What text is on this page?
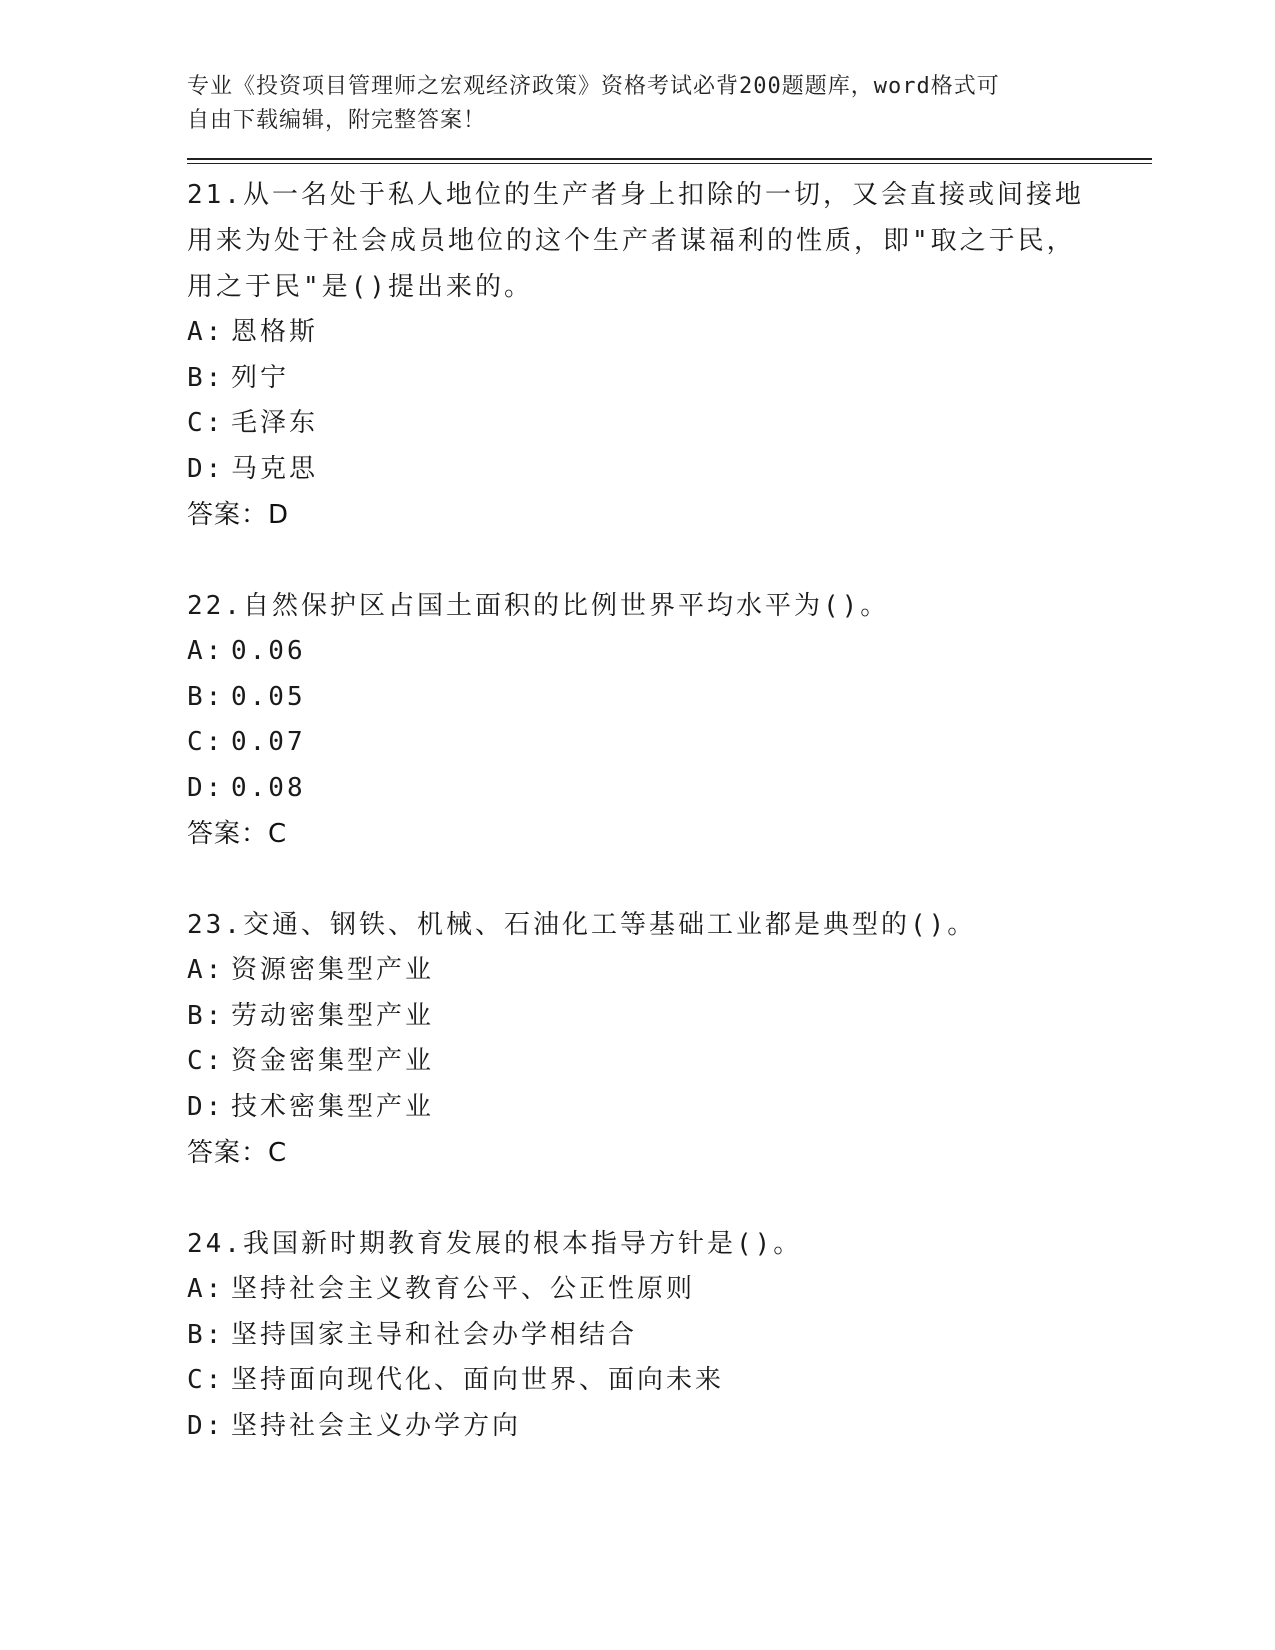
专业《投资项目管理师之宏观经济政策》资格考试必背200题题库，word格式可
自由下载编辑，附完整答案！
21.从一名处于私人地位的生产者身上扣除的一切，又会直接或间接地用来为处于社会成员地位的这个生产者谋福利的性质，即"取之于民，用之于民"是()提出来的。
A: 恩格斯
B: 列宁
C: 毛泽东
D: 马克思
答案：D
22.自然保护区占国土面积的比例世界平均水平为()。
A: 0.06
B: 0.05
C: 0.07
D: 0.08
答案：C
23.交通、钢铁、机械、石油化工等基础工业都是典型的()。
A: 资源密集型产业
B: 劳动密集型产业
C: 资金密集型产业
D: 技术密集型产业
答案：C
24.我国新时期教育发展的根本指导方针是()。
A: 坚持社会主义教育公平、公正性原则
B: 坚持国家主导和社会办学相结合
C: 坚持面向现代化、面向世界、面向未来
D: 坚持社会主义办学方向
